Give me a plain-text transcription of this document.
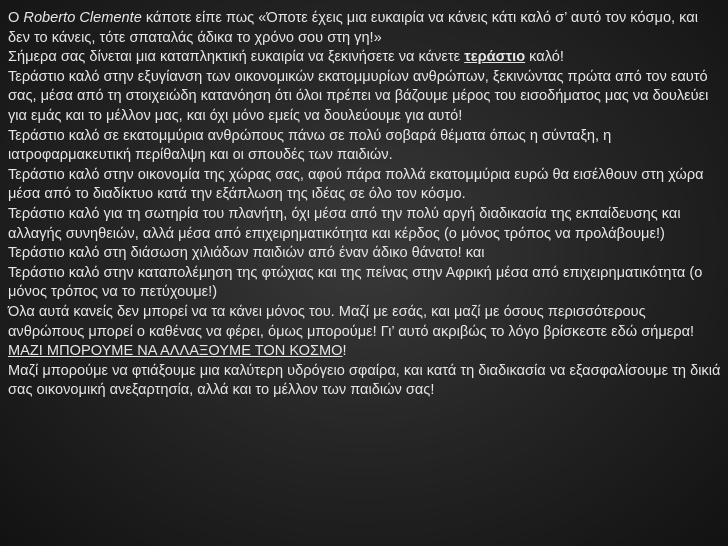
Ο Roberto Clemente κάποτε είπε πως «Όποτε έχεις μια ευκαιρία να κάνεις κάτι καλό σ’ αυτό τον κόσμο, και δεν το κάνεις, τότε σπαταλάς άδικα το χρόνο σου στη γη!»

Σήμερα σας δίνεται μια καταπληκτική ευκαιρία να ξεκινήσετε να κάνετε τεράστιο καλό!

Τεράστιο καλό στην εξυγίανση των οικονομικών εκατομμυρίων ανθρώπων, ξεκινώντας πρώτα από τον εαυτό σας, μέσα από τη στοιχειώδη κατανόηση ότι όλοι πρέπει να βάζουμε μέρος του εισοδήματος μας να δουλεύει για εμάς και το μέλλον μας, και όχι μόνο εμείς να δουλεύουμε για αυτό!

Τεράστιο καλό σε εκατομμύρια ανθρώπους πάνω σε πολύ σοβαρά θέματα όπως η σύνταξη, η ιατροφαρμακευτική περίθαλψη και οι σπουδές των παιδιών.

Τεράστιο καλό στην οικονομία της χώρας σας, αφού πάρα πολλά εκατομμύρια ευρώ θα εισέλθουν στη χώρα μέσα από το διαδίκτυο κατά την εξάπλωση της ιδέας σε όλο τον κόσμο.

Τεράστιο καλό για τη σωτηρία του πλανήτη, όχι μέσα από την πολύ αργή διαδικασία της εκπαίδευσης και αλλαγής συνηθειών, αλλά μέσα από επιχειρηματικότητα και κέρδος (ο μόνος τρόπος να προλάβουμε!)

Τεράστιο καλό στη διάσωση χιλιάδων παιδιών από έναν άδικο θάνατο! και

Τεράστιο καλό στην καταπολέμηση της φτώχιας και της πείνας στην Αφρική μέσα από επιχειρηματικότητα (ο μόνος τρόπος να το πετύχουμε!)

Όλα αυτά κανείς δεν μπορεί να τα κάνει μόνος του. Μαζί με εσάς, και μαζί με όσους περισσότερους ανθρώπους μπορεί ο καθένας να φέρει, όμως μπορούμε! Γι’ αυτό ακριβώς το λόγο βρίσκεστε εδώ σήμερα!

ΜΑΖΙ ΜΠΟΡΟΥΜΕ ΝΑ ΑΛΛΑΞΟΥΜΕ ΤΟΝ ΚΟΣΜΟ!

Μαζί μπορούμε να φτιάξουμε μια καλύτερη υδρόγειο σφαίρα, και κατά τη διαδικασία να εξασφαλίσουμε τη δικιά σας οικονομική ανεξαρτησία, αλλά και το μέλλον των παιδιών σας!
